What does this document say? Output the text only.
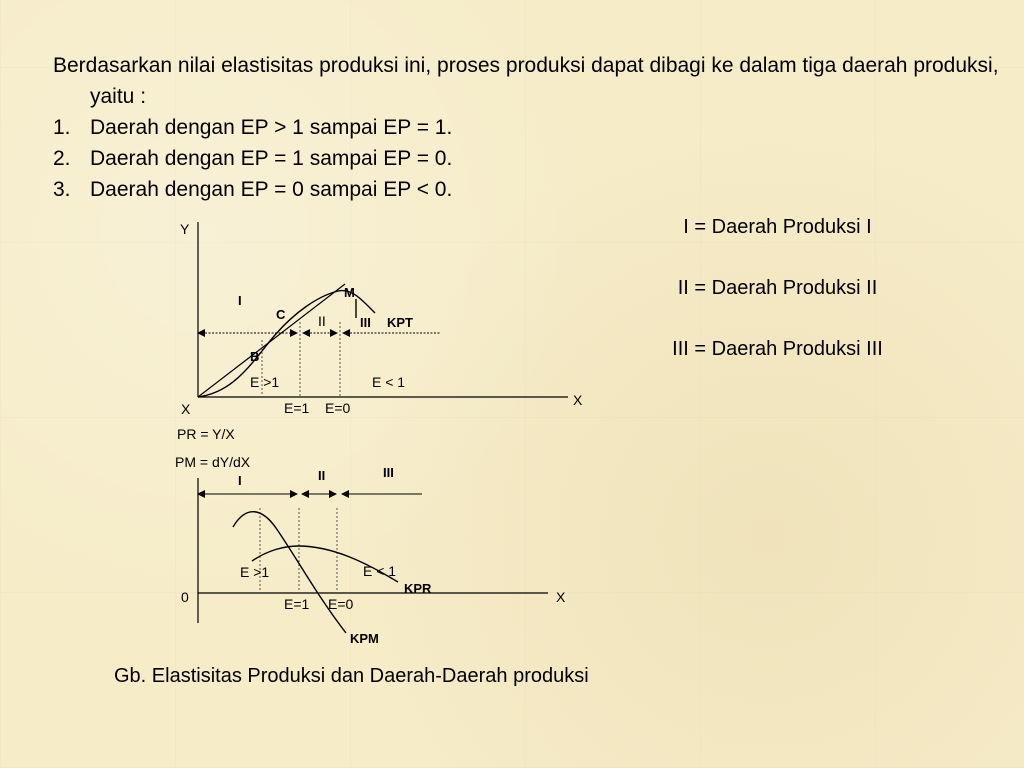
Berdasarkan nilai elastisitas produksi ini, proses produksi dapat dibagi ke dalam tiga daerah produksi, yaitu :

1. Daerah dengan EP > 1 sampai EP = 1.
2. Daerah dengan EP = 1 sampai EP = 0.
3. Daerah dengan EP = 0 sampai EP < 0.
I = Daerah Produksi I
II = Daerah Produksi II
III = Daerah Produksi III
Y
X
X
I
M
C II	III KPT
B
E >1	E < 1
E=1 E=0
PR = Y/X
PM = dY/dX
I	II	III
E >1	E < 1
KPR
0	X
E=1 E=0
KPM
Gb. Elastisitas Produksi dan Daerah-Daerah produksi
